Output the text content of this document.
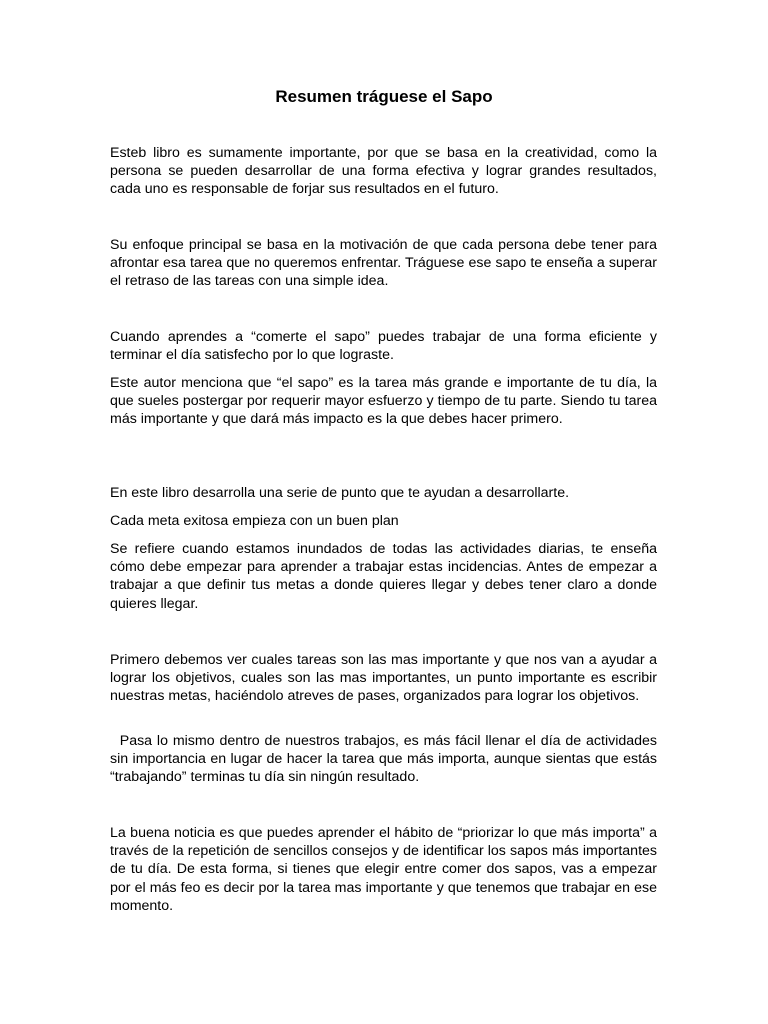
Resumen tráguese el Sapo

Esteb libro es sumamente importante, por que se basa en la creatividad, como la persona se pueden desarrollar de una forma efectiva y lograr grandes resultados, cada uno es responsable de forjar sus resultados en el futuro.

Su enfoque principal se basa en la motivación de que cada persona debe tener para afrontar esa tarea que no queremos enfrentar. Tráguese ese sapo te enseña a superar el retraso de las tareas con una simple idea.

Cuando aprendes a “comerte el sapo” puedes trabajar de una forma eficiente y terminar el día satisfecho por lo que lograste.

Este autor menciona que “el sapo” es la tarea más grande e importante de tu día, la que sueles postergar por requerir mayor esfuerzo y tiempo de tu parte. Siendo tu tarea más importante y que dará más impacto es la que debes hacer primero.

En este libro desarrolla una serie de punto que te ayudan a desarrollarte.

Cada meta exitosa empieza con un buen plan

Se refiere cuando estamos inundados de todas las actividades diarias, te enseña cómo debe empezar para aprender a trabajar estas incidencias. Antes de empezar a trabajar a que definir tus metas a donde quieres llegar y debes tener claro a donde quieres llegar.

Primero debemos ver cuales tareas son las mas importante y que nos van a ayudar a lograr los objetivos, cuales son las mas importantes, un punto importante es escribir nuestras metas, haciéndolo atreves de pases, organizados para lograr los objetivos.

Pasa lo mismo dentro de nuestros trabajos, es más fácil llenar el día de actividades sin importancia en lugar de hacer la tarea que más importa, aunque sientas que estás “trabajando” terminas tu día sin ningún resultado.

La buena noticia es que puedes aprender el hábito de “priorizar lo que más importa” a través de la repetición de sencillos consejos y de identificar los sapos más importantes de tu día. De esta forma, si tienes que elegir entre comer dos sapos, vas a empezar por el más feo es decir por la tarea mas importante y que tenemos que trabajar en ese momento.
